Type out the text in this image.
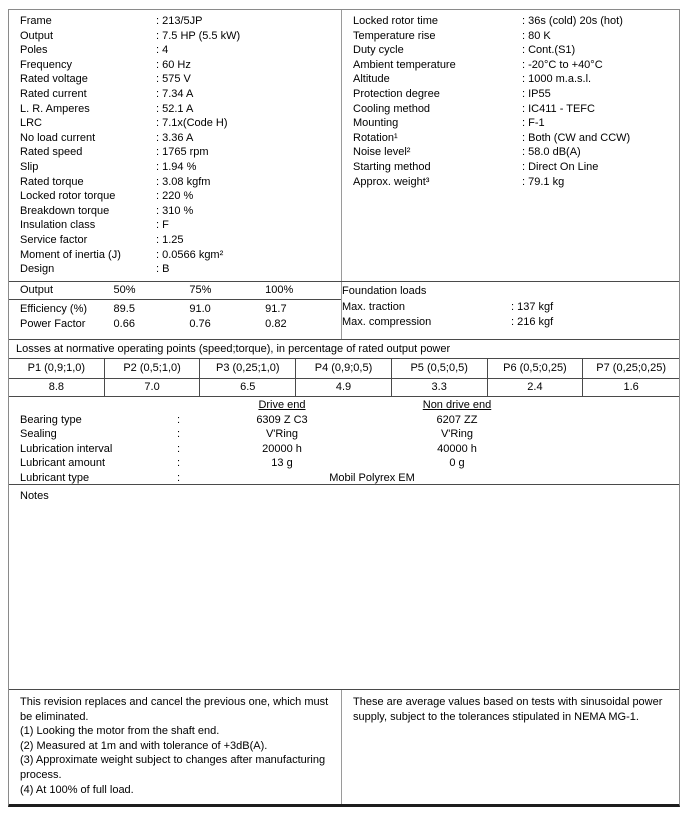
Frame	: 213/5JP
Output	: 7.5 HP (5.5 kW)
Poles	: 4
Frequency	: 60 Hz
Rated voltage	: 575 V
Rated current	: 7.34 A
L. R. Amperes	: 52.1 A
LRC	: 7.1x(Code H)
No load current	: 3.36 A
Rated speed	: 1765 rpm
Slip	: 1.94 %
Rated torque	: 3.08 kgfm
Locked rotor torque	: 220 %
Breakdown torque	: 310 %
Insulation class	: F
Service factor	: 1.25
Moment of inertia (J)	: 0.0566 kgm²
Design	: B
Locked rotor time	: 36s (cold) 20s (hot)
Temperature rise	: 80 K
Duty cycle	: Cont.(S1)
Ambient temperature	: -20°C to +40°C
Altitude	: 1000 m.a.s.l.
Protection degree	: IP55
Cooling method	: IC411 - TEFC
Mounting	: F-1
Rotation¹	: Both (CW and CCW)
Noise level²	: 58.0 dB(A)
Starting method	: Direct On Line
Approx. weight³	: 79.1 kg
Output	50%	75%	100%
Efficiency (%)	89.5	91.0	91.7
Power Factor	0.66	0.76	0.82
Foundation loads
Max. traction	: 137 kgf
Max. compression	: 216 kgf
Losses at normative operating points (speed;torque), in percentage of rated output power
P1 (0,9;1,0)	P2 (0,5;1,0)	P3 (0,25;1,0)	P4 (0,9;0,5)	P5 (0,5;0,5)	P6 (0,5;0,25)	P7 (0,25;0,25)
8.8	7.0	6.5	4.9	3.3	2.4	1.6
Drive end	Non drive end
Bearing type	:	6309 Z C3	6207 ZZ
Sealing	:	V'Ring	V'Ring
Lubrication interval	:	20000 h	40000 h
Lubricant amount	:	13 g	0 g
Lubricant type	:	Mobil Polyrex EM
Notes

This revision replaces and cancel the previous one, which must be eliminated.

(1) Looking the motor from the shaft end.

(2) Measured at 1m and with tolerance of +3dB(A).

(3) Approximate weight subject to changes after manufacturing process.

(4) At 100% of full load.

These are average values based on tests with sinusoidal power supply, subject to the tolerances stipulated in NEMA MG-1.
